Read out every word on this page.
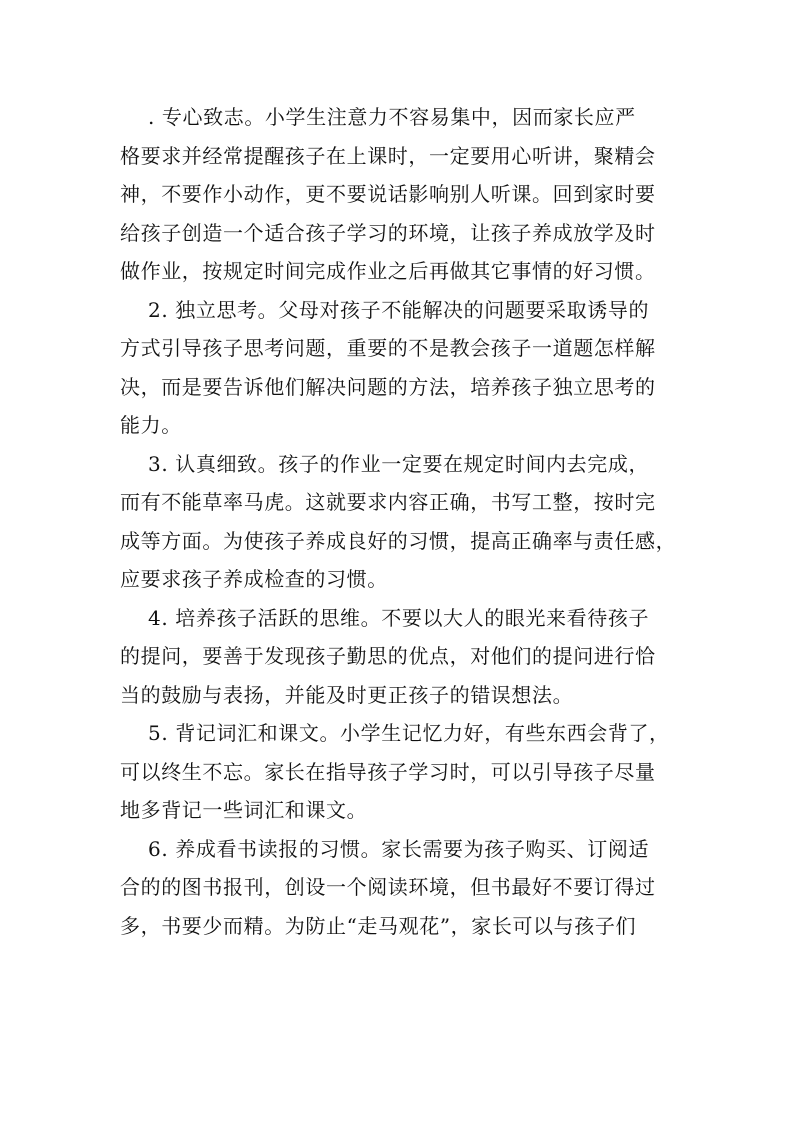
. 专心致志。小学生注意力不容易集中，因而家长应严
格要求并经常提醒孩子在上课时，一定要用心听讲，聚精会
神，不要作小动作，更不要说话影响别人听课。回到家时要
给孩子创造一个适合孩子学习的环境，让孩子养成放学及时
做作业，按规定时间完成作业之后再做其它事情的好习惯。
2. 独立思考。父母对孩子不能解决的问题要采取诱导的
方式引导孩子思考问题，重要的不是教会孩子一道题怎样解
决，而是要告诉他们解决问题的方法，培养孩子独立思考的
能力。
3. 认真细致。孩子的作业一定要在规定时间内去完成，
而有不能草率马虎。这就要求内容正确，书写工整，按时完
成等方面。为使孩子养成良好的习惯，提高正确率与责任感，
应要求孩子养成检查的习惯。
4. 培养孩子活跃的思维。不要以大人的眼光来看待孩子
的提问，要善于发现孩子勤思的优点，对他们的提问进行恰
当的鼓励与表扬，并能及时更正孩子的错误想法。
5. 背记词汇和课文。小学生记忆力好，有些东西会背了，
可以终生不忘。家长在指导孩子学习时，可以引导孩子尽量
地多背记一些词汇和课文。
6. 养成看书读报的习惯。家长需要为孩子购买、订阅适
合的的图书报刊，创设一个阅读环境，但书最好不要订得过
多，书要少而精。为防止“走马观花”，家长可以与孩子们
